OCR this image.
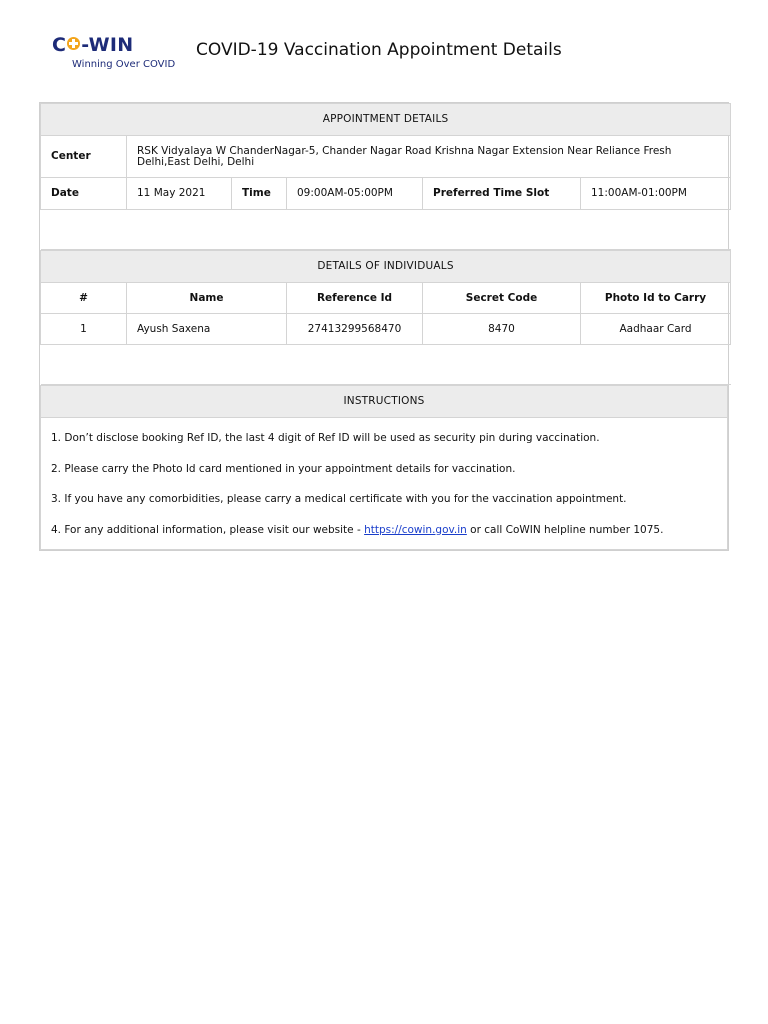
C -WIN
Winning Over COVID
COVID-19 Vaccination Appointment Details
APPOINTMENT DETAILS					
Center	RSK Vidyalaya W ChanderNagar-5, Chander Nagar Road Krishna Nagar Extension Near Reliance Fresh
Delhi,East Delhi, Delhi				

Date	11 May 2021	Time	09:00AM-05:00PM	Preferred Time Slot	11:00AM-01:00PM

DETAILS OF INDIVIDUALS				
#	Name	Reference Id	Secret Code	Photo Id to Carry
1	Ayush Saxena	27413299568470	8470	Aadhaar Card

INSTRUCTIONS

1. Don’t disclose booking Ref ID, the last 4 digit of Ref ID will be used as security pin during vaccination.
2. Please carry the Photo Id card mentioned in your appointment details for vaccination.
3. If you have any comorbidities, please carry a medical certificate with you for the vaccination appointment.
4. For any additional information, please visit our website - https://cowin.gov.in or call CoWIN helpline number 1075.
